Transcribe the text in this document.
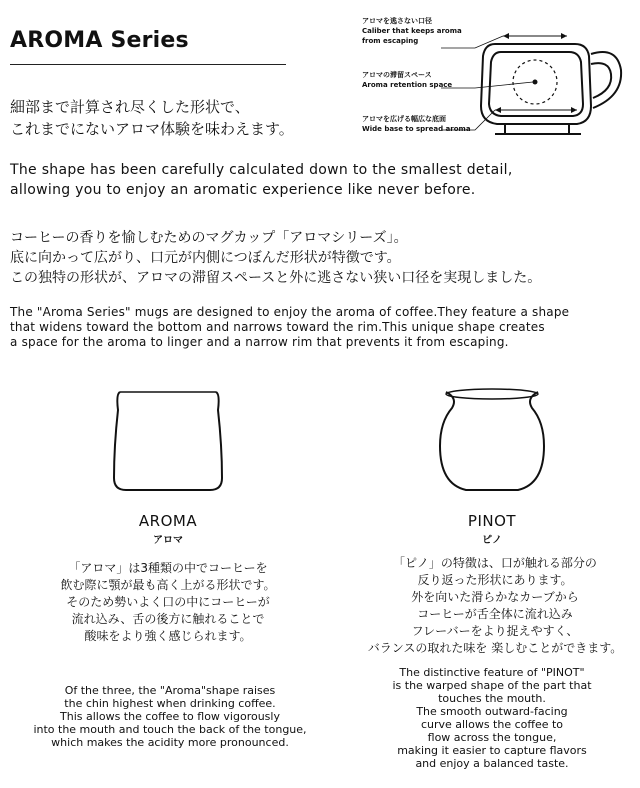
AROMA Series
細部まで計算され尽くした形状で、
これまでにないアロマ体験を味わえます。
The shape has been carefully calculated down to the smallest detail,
allowing you to enjoy an aromatic experience like never before.
コーヒーの香りを愉しむためのマグカップ「アロマシリーズ」。
底に向かって広がり、口元が内側につぼんだ形状が特徴です。
この独特の形状が、アロマの滞留スペースと外に逃さない狭い口径を実現しました。
The "Aroma Series" mugs are designed to enjoy the aroma of coffee.They feature a shape
that widens toward the bottom and narrows toward the rim.This unique shape creates
a space for the aroma to linger and a narrow rim that prevents it from escaping.
アロマを逃さない口径
Caliber that keeps aroma
from escaping
アロマの滞留スペース
Aroma retention space
アロマを広げる幅広な底面
Wide base to spread aroma
AROMA
アロマ
「アロマ」は3種類の中でコーヒーを
飲む際に顎が最も高く上がる形状です。
そのため勢いよく口の中にコーヒーが
流れ込み、舌の後方に触れることで
酸味をより強く感じられます。
Of the three, the "Aroma"shape raises
the chin highest when drinking coffee.
This allows the coffee to flow vigorously
into the mouth and touch the back of the tongue,
which makes the acidity more pronounced.
PINOT
ピノ
「ピノ」の特徴は、口が触れる部分の
反り返った形状にあります。
外を向いた滑らかなカーブから
コーヒーが舌全体に流れ込み
フレーバーをより捉えやすく、
バランスの取れた味を 楽しむことができます。
The distinctive feature of "PINOT"
is the warped shape of the part that
touches the mouth.
The smooth outward-facing
curve allows the coffee to
flow across the tongue,
making it easier to capture flavors
and enjoy a balanced taste.
